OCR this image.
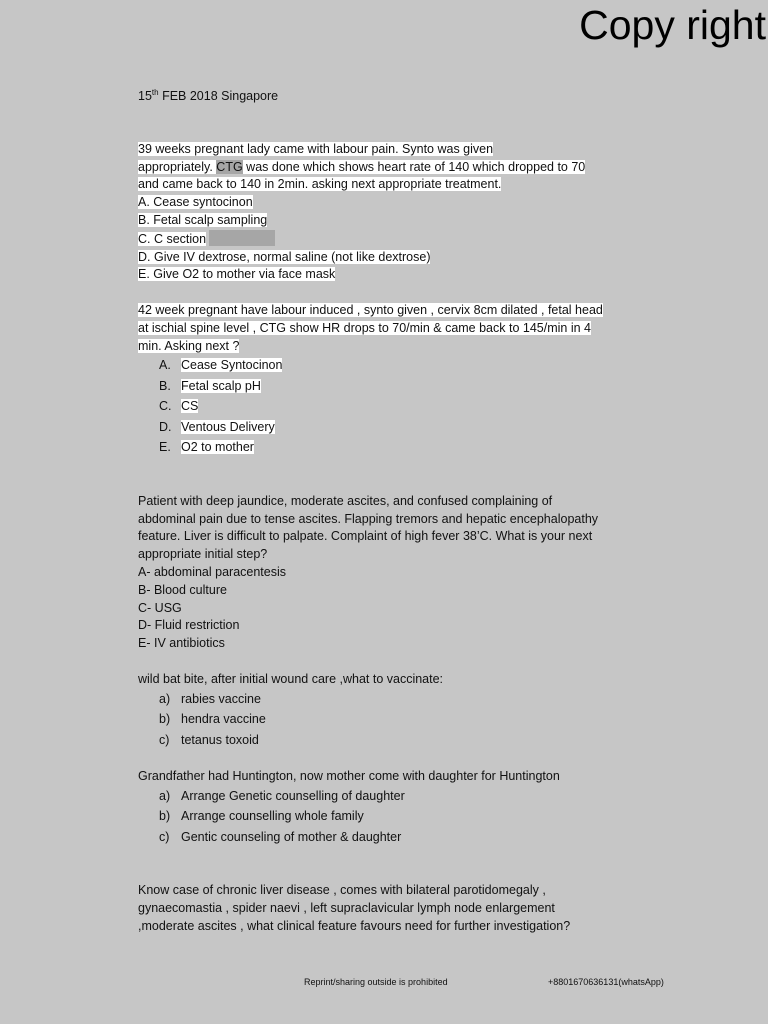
Copy right
15th FEB 2018 Singapore
39 weeks pregnant lady came with labour pain. Synto was given
appropriately. CTG was done which shows heart rate of 140 which dropped to 70
and came back to 140 in 2min. asking next appropriate treatment.
A. Cease syntocinon
B. Fetal scalp sampling
C. C section
D. Give IV dextrose, normal saline (not like dextrose)
E. Give O2 to mother via face mask
42 week pregnant have labour induced , synto given , cervix 8cm dilated , fetal head
at ischial spine level , CTG show HR drops to 70/min & came back to 145/min in 4
min. Asking next ?
A. Cease Syntocinon
B. Fetal scalp pH
C. CS
D. Ventous Delivery
E. O2 to mother
Patient with deep jaundice, moderate ascites, and confused complaining of
abdominal pain due to tense ascites. Flapping tremors and hepatic encephalopathy
feature. Liver is difficult to palpate. Complaint of high fever 38’C. What is your next
appropriate initial step?
A- abdominal paracentesis
B- Blood culture
C- USG
D- Fluid restriction
E- IV antibiotics
wild bat bite, after initial wound care ,what to vaccinate:
a) rabies vaccine
b) hendra vaccine
c) tetanus toxoid
Grandfather had Huntington, now mother come with daughter for Huntington
a) Arrange Genetic counselling of daughter
b) Arrange counselling whole family
c) Gentic counseling of mother & daughter
Know case of chronic liver disease , comes with bilateral parotidomegaly ,
gynaecomastia , spider naevi , left supraclavicular lymph node enlargement
,moderate ascites , what clinical feature favours need for further investigation?
Reprint/sharing outside is prohibited	+8801670636131(whatsApp)
